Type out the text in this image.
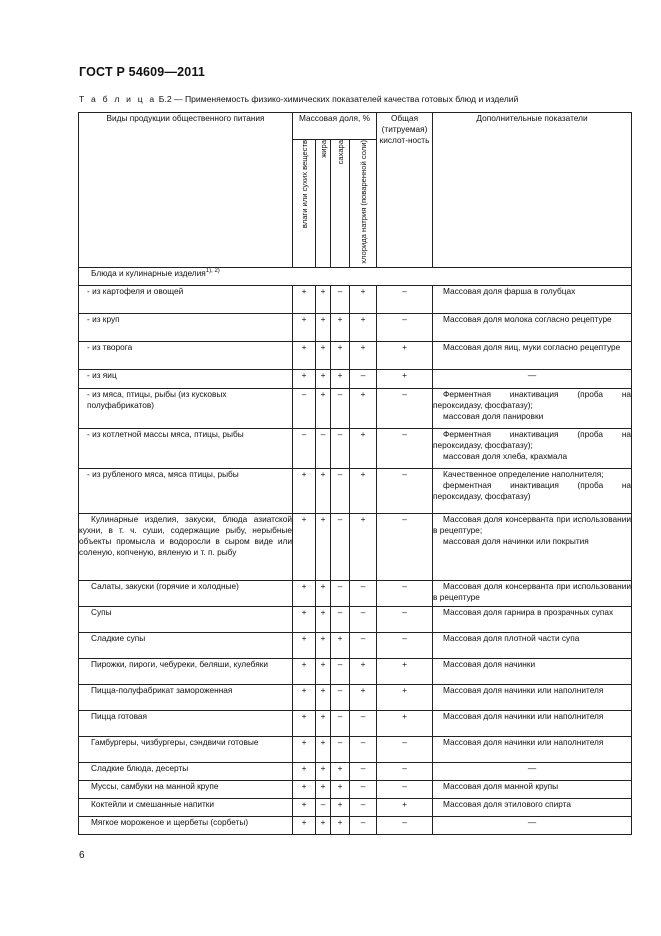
ГОСТ Р 54609—2011
Т а б л и ц а Б.2 — Применяемость физико-химических показателей качества готовых блюд и изделий
Виды продукции общественного питания	Массовая доля, %				Общая (титруемая) кислот-ность	Дополнительные показатели
	влаги или сухих веществ	жира	сахара	хлорида натрия (поваренной соли)		
Блюда и кулинарные изделия$^{1), 2)}$

- из картофеля и овощей	+	+	–	+	–	Массовая доля фарша в голубцах

- из круп	+	+	+	+	–	Массовая доля молока согласно рецептуре

- из творога	+	+	+	+	+	Массовая доля яиц, муки согласно рецептуре

- из яиц	+	+	+	–	+	—

- из мяса, птицы, рыбы (из кусковых полуфабрикатов)	–	+	–	+	–	Ферментная инактивация (проба на пероксидазу, фосфатазу);
массовая доля панировки

- из котлетной массы мяса, птицы, рыбы	–	–	–	+	–	Ферментная инактивация (проба на пероксидазу, фосфатазу);
массовая доля хлеба, крахмала

- из рубленого мяса, мяса птицы, рыбы	+	+	–	+	–	Качественное определение наполнителя;
ферментная инактивация (проба на пероксидазу, фосфатазу)

Кулинарные изделия, закуски, блюда азиатской кухни, в т. ч. суши, содержащие рыбу, нерыбные объекты промысла и водоросли в сыром виде или соленую, копченую, вяленую и т. п. рыбу	+	+	–	+	–	Массовая доля консерванта при использовании в рецептуре;
массовая доля начинки или покрытия

Салаты, закуски (горячие и холодные)	+	+	–	–	–	Массовая доля консерванта при использовании в рецептуре

Супы	+	+	–	–	–	Массовая доля гарнира в прозрачных супах

Сладкие супы	+	+	+	–	–	Массовая доля плотной части супа

Пирожки, пироги, чебуреки, беляши, кулебяки	+	+	–	+	+	Массовая доля начинки

Пицца-полуфабрикат замороженная	+	+	–	+	+	Массовая доля начинки или наполнителя

Пицца готовая	+	+	–	–	+	Массовая доля начинки или наполнителя

Гамбургеры, чизбургеры, сэндвичи готовые	+	+	–	–	–	Массовая доля начинки или наполнителя

Сладкие блюда, десерты	+	+	+	–	–	—

Муссы, самбуки на манной крупе	+	+	+	–	–	Массовая доля манной крупы

Коктейли и смешанные напитки	+	–	+	–	+	Массовая доля этилового спирта

Мягкое мороженое и щербеты (сорбеты)	+	+	+	–	–	—
6
